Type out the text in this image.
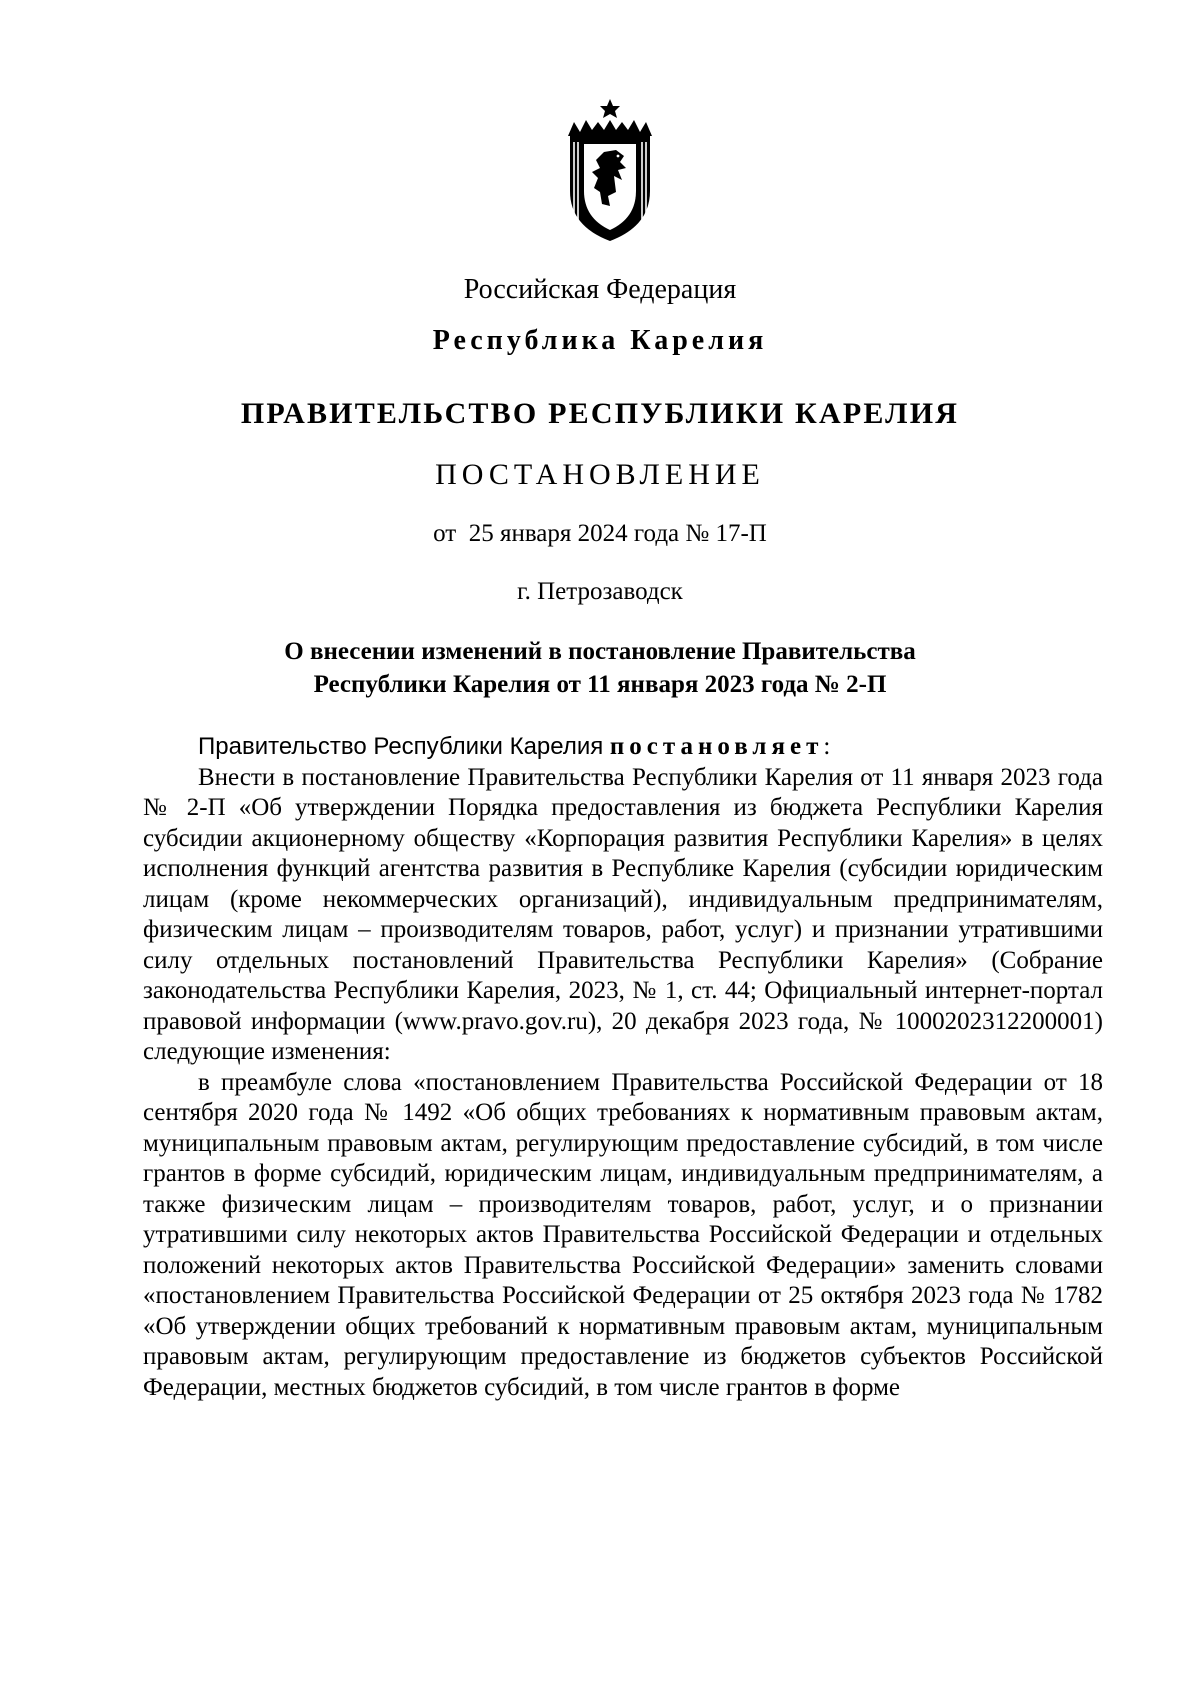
Российская Федерация
Республика Карелия
ПРАВИТЕЛЬСТВО РЕСПУБЛИКИ КАРЕЛИЯ
ПОСТАНОВЛЕНИЕ
от  25 января 2024 года № 17-П
г. Петрозаводск
О внесении изменений в постановление Правительства
Республики Карелия от 11 января 2023 года № 2-П

Правительство Республики Карелия постановляет:

Внести в постановление Правительства Республики Карелия от 11 января 2023 года № 2-П «Об утверждении Порядка предоставления из бюджета Республики Карелия субсидии акционерному обществу «Корпорация развития Республики Карелия» в целях исполнения функций агентства развития в Республике Карелия (субсидии юридическим лицам (кроме некоммерческих организаций), индивидуальным предпринимателям, физическим лицам – производителям товаров, работ, услуг) и признании утратившими силу отдельных постановлений Правительства Республики Карелия» (Собрание законодательства Республики Карелия, 2023, № 1, ст. 44; Официальный интернет-портал правовой информации (www.pravo.gov.ru), 20 декабря 2023 года, № 1000202312200001) следующие изменения:

в преамбуле слова «постановлением Правительства Российской Федерации от 18 сентября 2020 года № 1492 «Об общих требованиях к нормативным правовым актам, муниципальным правовым актам, регулирующим предоставление субсидий, в том числе грантов в форме субсидий, юридическим лицам, индивидуальным предпринимателям, а также физическим лицам – производителям товаров, работ, услуг, и о признании утратившими силу некоторых актов Правительства Российской Федерации и отдельных положений некоторых актов Правительства Российской Федерации» заменить словами «постановлением Правительства Российской Федерации от 25 октября 2023 года № 1782 «Об утверждении общих требований к нормативным правовым актам, муниципальным правовым актам, регулирующим предоставление из бюджетов субъектов Российской Федерации, местных бюджетов субсидий, в том числе грантов в форме
